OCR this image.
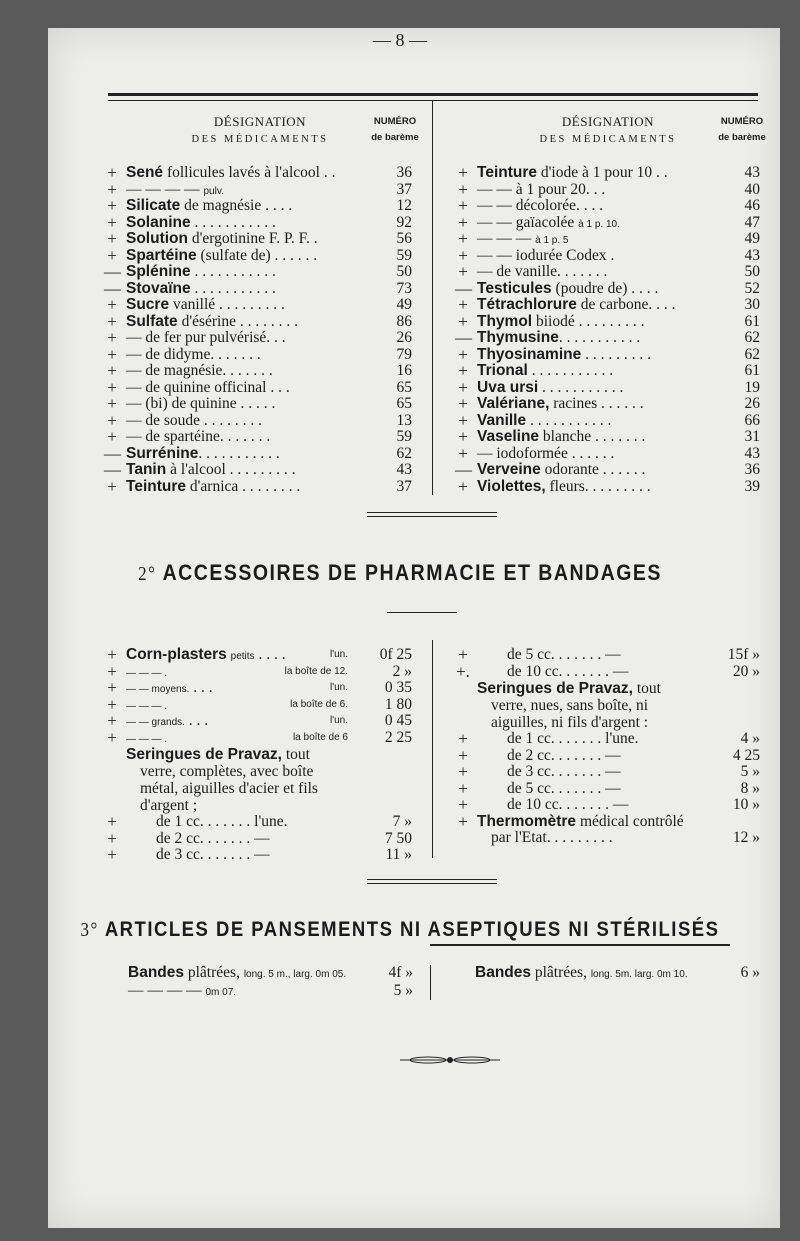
— 8 —
DÉSIGNATION
DES MÉDICAMENTS
NUMÉRO
de barème
DÉSIGNATION
DES MÉDICAMENTS
NUMÉRO
de barème
+ Sené follicules lavés à l'alcool . .	36
+ — — — — pulv.	37
+ Silicate de magnésie . . . .	12
+ Solanine . . . . . . . . . . .	92
+ Solution d'ergotinine F. P. F. .	56
+ Spartéine (sulfate de) . . . . . .	59
— Splénine . . . . . . . . . . .	50
— Stovaïne . . . . . . . . . . .	73
+ Sucre vanillé . . . . . . . . .	49
+ Sulfate d'ésérine . . . . . . . .	86
+ — de fer pur pulvérisé. . .	26
+ — de didyme. . . . . . .	79
+ — de magnésie. . . . . . .	16
+ — de quinine officinal . . .	65
+ — (bi) de quinine . . . . .	65
+ — de soude . . . . . . . .	13
+ — de spartéine. . . . . . .	59
— Surrénine. . . . . . . . . . .	62
— Tanin à l'alcool . . . . . . . . .	43
+ Teinture d'arnica . . . . . . . .	37
+ Teinture d'iode à 1 pour 10 . .	43
+ — — à 1 pour 20. . .	40
+ — — décolorée. . . .	46
+ — — gaïacolée à 1 p. 10.	47
+ — — — à 1 p. 5	49
+ — — iodurée Codex .	43
+ — de vanille. . . . . . .	50
— Testicules (poudre de) . . . .	52
+ Tétrachlorure de carbone. . . .	30
+ Thymol biiodé . . . . . . . . .	61
— Thymusine. . . . . . . . . . .	62
+ Thyosinamine . . . . . . . . .	62
+ Trional . . . . . . . . . . .	61
+ Uva ursi . . . . . . . . . . .	19
+ Valériane, racines . . . . . .	26
+ Vanille . . . . . . . . . . .	66
+ Vaseline blanche . . . . . . .	31
+ — iodoformée . . . . . .	43
— Verveine odorante . . . . . .	36
+ Violettes, fleurs. . . . . . . . .	39
2° ACCESSOIRES DE PHARMACIE ET BANDAGES
+ Corn-plasters petits . . . .	l'un. 0f 25
+ — — — .	la boîte de 12.	2 »
+ — — moyens. . . .	l'un. 0 35
+ — — — .	la boîte de 6. 1 80
+ — — grands. . . .	l'un. 0 45
+ — — — .	la boîte de 6 2 25
Seringues de Pravaz, tout
verre, complètes, avec boîte
métal, aiguilles d'acier et fils
d'argent ;
+	de 1 cc. . . . . . . l'une.	7 »
+	de 2 cc. . . . . . . —	7 50
+	de 3 cc. . . . . . . —	11 »
+	de 5 cc. . . . . . . —	15f »
+. de 10 cc. . . . . . . —	20 »
Seringues de Pravaz, tout
verre, nues, sans boîte, ni
aiguilles, ni fils d'argent :
+	de 1 cc. . . . . . . l'une.	4 »
+	de 2 cc. . . . . . . —	4 25
+	de 3 cc. . . . . . . —	5 »
+	de 5 cc. . . . . . . —	8 »
+	de 10 cc. . . . . . . —	10 »
+ Thermomètre médical contrôlé
par l'Etat. . . . . . . . .	12 »
3° ARTICLES DE PANSEMENTS NI ASEPTIQUES NI STÉRILISÉS
Bandes plâtrées, long. 5 m., larg. 0m 05.	4f »
— — — — 0m 07.	5 »
Bandes plâtrées, long. 5m. larg. 0m 10.	6 »
